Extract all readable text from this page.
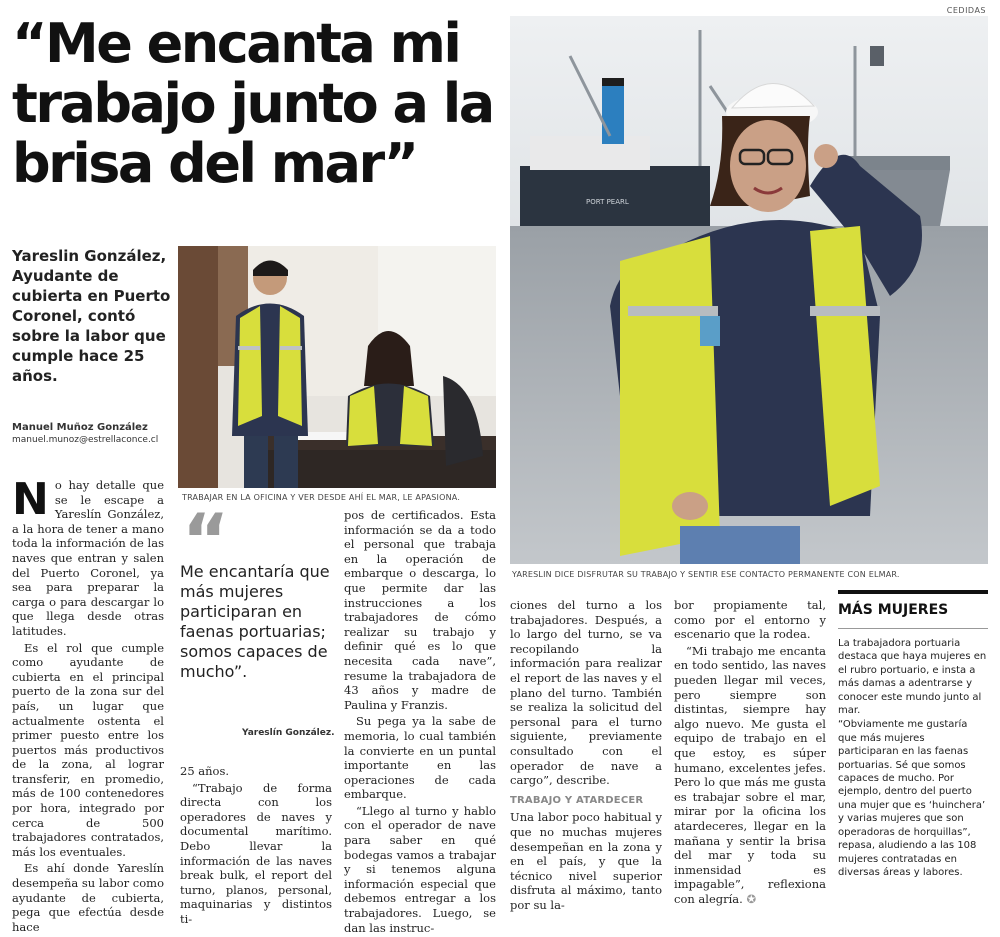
CEDIDAS
“Me encanta mi trabajo junto a la brisa del mar”
Yareslin González, Ayudante de cubierta en Puerto Coronel, contó sobre la labor que cumple hace 25 años.
Manuel Muñoz González
manuel.munoz@estrellaconce.cl
TRABAJAR EN LA OFICINA Y VER DESDE AHÍ EL MAR, LE APASIONA.
PORT PEARL
YARESLIN DICE DISFRUTAR SU TRABAJO Y SENTIR ESE CONTACTO PERMANENTE CON ELMAR.

No hay detalle que se le escape a Yareslín González, a la hora de tener a mano toda la información de las naves que entran y salen del Puerto Coronel, ya sea para preparar la carga o para descargar lo que llega desde otras latitudes.

Es el rol que cumple como ayudante de cubierta en el principal puerto de la zona sur del país, un lugar que actualmente ostenta el primer puesto entre los puertos más productivos de la zona, al lograr transferir, en promedio, más de 100 contenedores por hora, integrado por cerca de 500 trabajadores contratados, más los eventuales.

Es ahí donde Yareslín desempeña su labor como ayudante de cubierta, pega que efectúa desde hace

“
Me encantaría que más mujeres participaran en faenas portuarias; somos capaces de mucho”.
Yareslín González.

25 años.

“Trabajo de forma directa con los operadores de naves y documental marítimo. Debo llevar la información de las naves break bulk, el report del turno, planos, personal, maquinarias y distintos ti-

pos de certificados. Esta información se da a todo el personal que trabaja en la operación de embarque o descarga, lo que permite dar las instrucciones a los trabajadores de cómo realizar su trabajo y definir qué es lo que necesita cada nave”, resume la trabajadora de 43 años y madre de Paulina y Franzis.

Su pega ya la sabe de memoria, lo cual también la convierte en un puntal importante en las operaciones de cada embarque.

“Llego al turno y hablo con el operador de nave para saber en qué bodegas vamos a trabajar y si tenemos alguna información especial que debemos entregar a los trabajadores. Luego, se dan las instruc-

ciones del turno a los trabajadores. Después, a lo largo del turno, se va recopilando la información para realizar el report de las naves y el plano del turno. También se realiza la solicitud del personal para el turno siguiente, previamente consultado con el operador de nave a cargo”, describe.

TRABAJO Y ATARDECER

Una labor poco habitual y que no muchas mujeres desempeñan en la zona y en el país, y que la técnico nivel superior disfruta al máximo, tanto por su la-

bor propiamente tal, como por el entorno y escenario que la rodea.

“Mi trabajo me encanta en todo sentido, las naves pueden llegar mil veces, pero siempre son distintas, siempre hay algo nuevo. Me gusta el equipo de trabajo en el que estoy, es súper humano, excelentes jefes. Pero lo que más me gusta es trabajar sobre el mar, mirar por la oficina los atardeceres, llegar en la mañana y sentir la brisa del mar y toda su inmensidad es impagable”, reflexiona con alegría. ✪

MÁS MUJERES

La trabajadora portuaria destaca que haya mujeres en el rubro portuario, e insta a más damas a adentrarse y conocer este mundo junto al mar.

“Obviamente me gustaría que más mujeres participaran en las faenas portuarias. Sé que somos capaces de mucho. Por ejemplo, dentro del puerto una mujer que es ‘huinchera’ y varias mujeres que son operadoras de horquillas”, repasa, aludiendo a las 108 mujeres contratadas en diversas áreas y labores.
